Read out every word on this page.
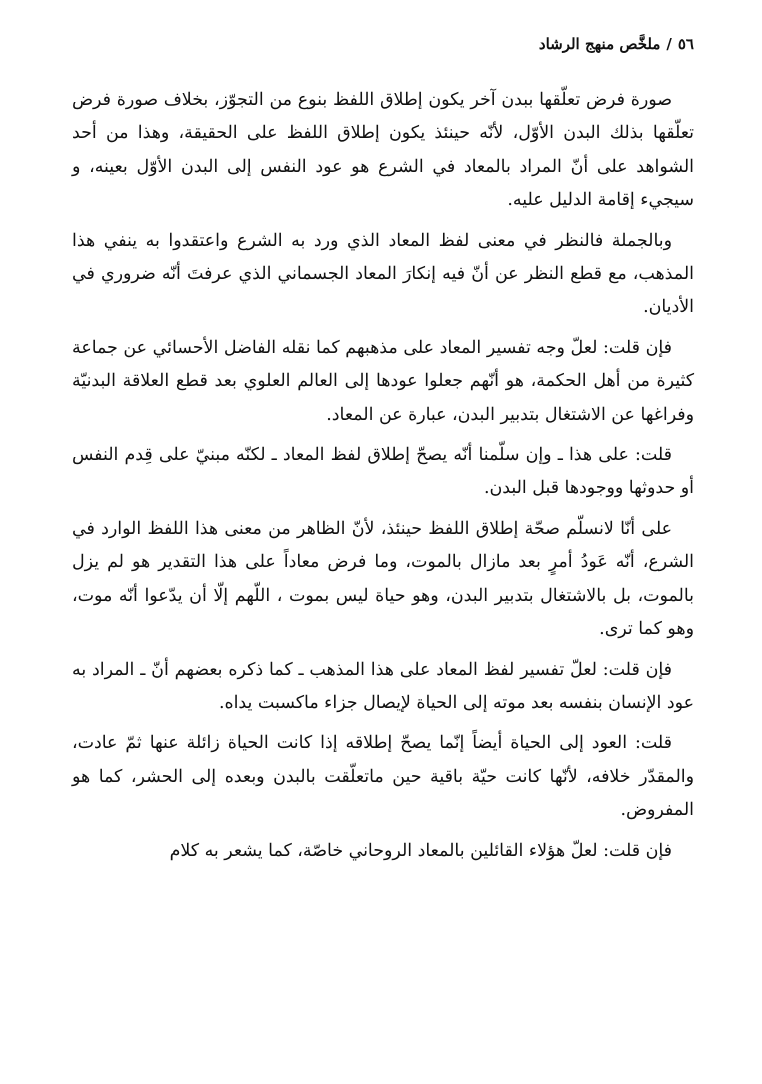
٥٦/ملخَّص منهج الرشاد

صورة فرض تعلّقها ببدن آخر يكون إطلاق اللفظ بنوع من التجوّز، بخلاف صورة فرض تعلّقها بذلك البدن الأوّل، لأنّه حينئذ يكون إطلاق اللفظ على الحقيقة، وهذا من أحد الشواهد على أنّ المراد بالمعاد في الشرع هو عود النفس إلى البدن الأوّل بعينه، و سيجيء إقامة الدليل عليه.

وبالجملة فالنظر في معنى لفظ المعاد الذي ورد به الشرع واعتقدوا به ينفي هذا المذهب، مع قطع النظر عن أنّ فيه إنكارَ المعاد الجسماني الذي عرفتَ أنّه ضروري في الأديان.

فإن قلت: لعلّ وجه تفسير المعاد على مذهبهم كما نقله الفاضل الأحسائي عن جماعة كثيرة من أهل الحكمة، هو أنّهم جعلوا عودها إلى العالم العلوي بعد قطع العلاقة البدنيّة وفراغها عن الاشتغال بتدبير البدن، عبارة عن المعاد.

قلت: على هذا ـ وإن سلّمنا أنّه يصحّ إطلاق لفظ المعاد ـ لكنّه مبنيّ على قِدم النفس أو حدوثها ووجودها قبل البدن.

على أنّا لانسلّم صحّة إطلاق اللفظ حينئذ، لأنّ الظاهر من معنى هذا اللفظ الوارد في الشرع، أنّه عَودُ أمرٍ بعد مازال بالموت، وما فرض معاداً على هذا التقدير هو لم يزل بالموت، بل بالاشتغال بتدبير البدن، وهو حياة ليس بموت ، اللّهم إلّا أن يدّعوا أنّه موت، وهو كما ترى.

فإن قلت: لعلّ تفسير لفظ المعاد على هذا المذهب ـ كما ذكره بعضهم أنّ ـ المراد به عود الإنسان بنفسه بعد موته إلى الحياة لإيصال جزاء ماكسبت يداه.

قلت: العود إلى الحياة أيضاً إنّما يصحّ إطلاقه إذا كانت الحياة زائلة عنها ثمّ عادت، والمقدّر خلافه، لأنّها كانت حيّة باقية حين ماتعلّقت بالبدن وبعده إلى الحشر، كما هو المفروض.

فإن قلت: لعلّ هؤلاء القائلين بالمعاد الروحاني خاصّة، كما يشعر به كلام
